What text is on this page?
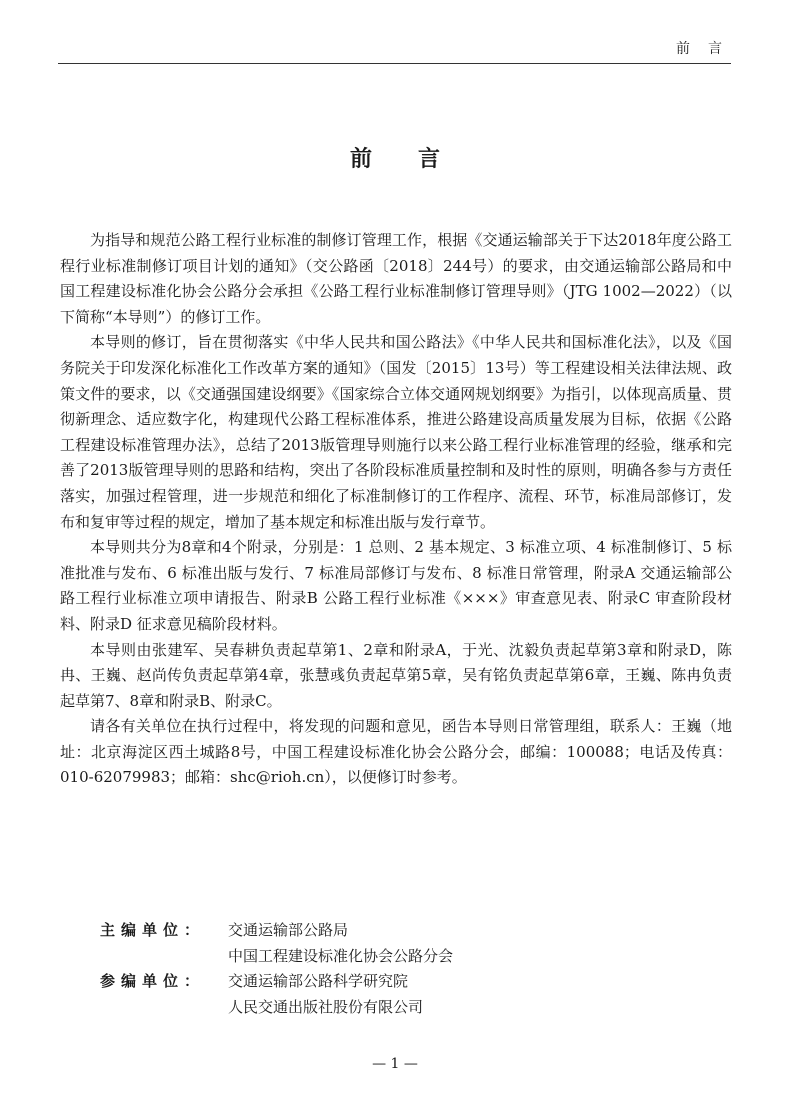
前言
前言

为指导和规范公路工程行业标准的制修订管理工作，根据《交通运输部关于下达2018年度公路工程行业标准制修订项目计划的通知》（交公路函〔2018〕244号）的要求，由交通运输部公路局和中国工程建设标准化协会公路分会承担《公路工程行业标准制修订管理导则》（JTG 1002—2022）（以下简称“本导则”）的修订工作。

本导则的修订，旨在贯彻落实《中华人民共和国公路法》《中华人民共和国标准化法》，以及《国务院关于印发深化标准化工作改革方案的通知》（国发〔2015〕13号）等工程建设相关法律法规、政策文件的要求，以《交通强国建设纲要》《国家综合立体交通网规划纲要》为指引，以体现高质量、贯彻新理念、适应数字化，构建现代公路工程标准体系，推进公路建设高质量发展为目标，依据《公路工程建设标准管理办法》，总结了2013版管理导则施行以来公路工程行业标准管理的经验，继承和完善了2013版管理导则的思路和结构，突出了各阶段标准质量控制和及时性的原则，明确各参与方责任落实，加强过程管理，进一步规范和细化了标准制修订的工作程序、流程、环节，标准局部修订，发布和复审等过程的规定，增加了基本规定和标准出版与发行章节。

本导则共分为8章和4个附录，分别是：1 总则、2 基本规定、3 标准立项、4 标准制修订、5 标准批准与发布、6 标准出版与发行、7 标准局部修订与发布、8 标准日常管理，附录A 交通运输部公路工程行业标准立项申请报告、附录B 公路工程行业标准《×××》审查意见表、附录C 审查阶段材料、附录D 征求意见稿阶段材料。

本导则由张建军、吴春耕负责起草第1、2章和附录A，于光、沈毅负责起草第3章和附录D，陈冉、王巍、赵尚传负责起草第4章，张慧彧负责起草第5章，吴有铭负责起草第6章，王巍、陈冉负责起草第7、8章和附录B、附录C。

请各有关单位在执行过程中，将发现的问题和意见，函告本导则日常管理组，联系人：王巍（地址：北京海淀区西土城路8号，中国工程建设标准化协会公路分会，邮编：100088；电话及传真：010-62079983；邮箱：shc@rioh.cn），以便修订时参考。

主编单位：	交通运输部公路局
中国工程建设标准化协会公路分会
参编单位：	交通运输部公路科学研究院
人民交通出版社股份有限公司
— 1 —
